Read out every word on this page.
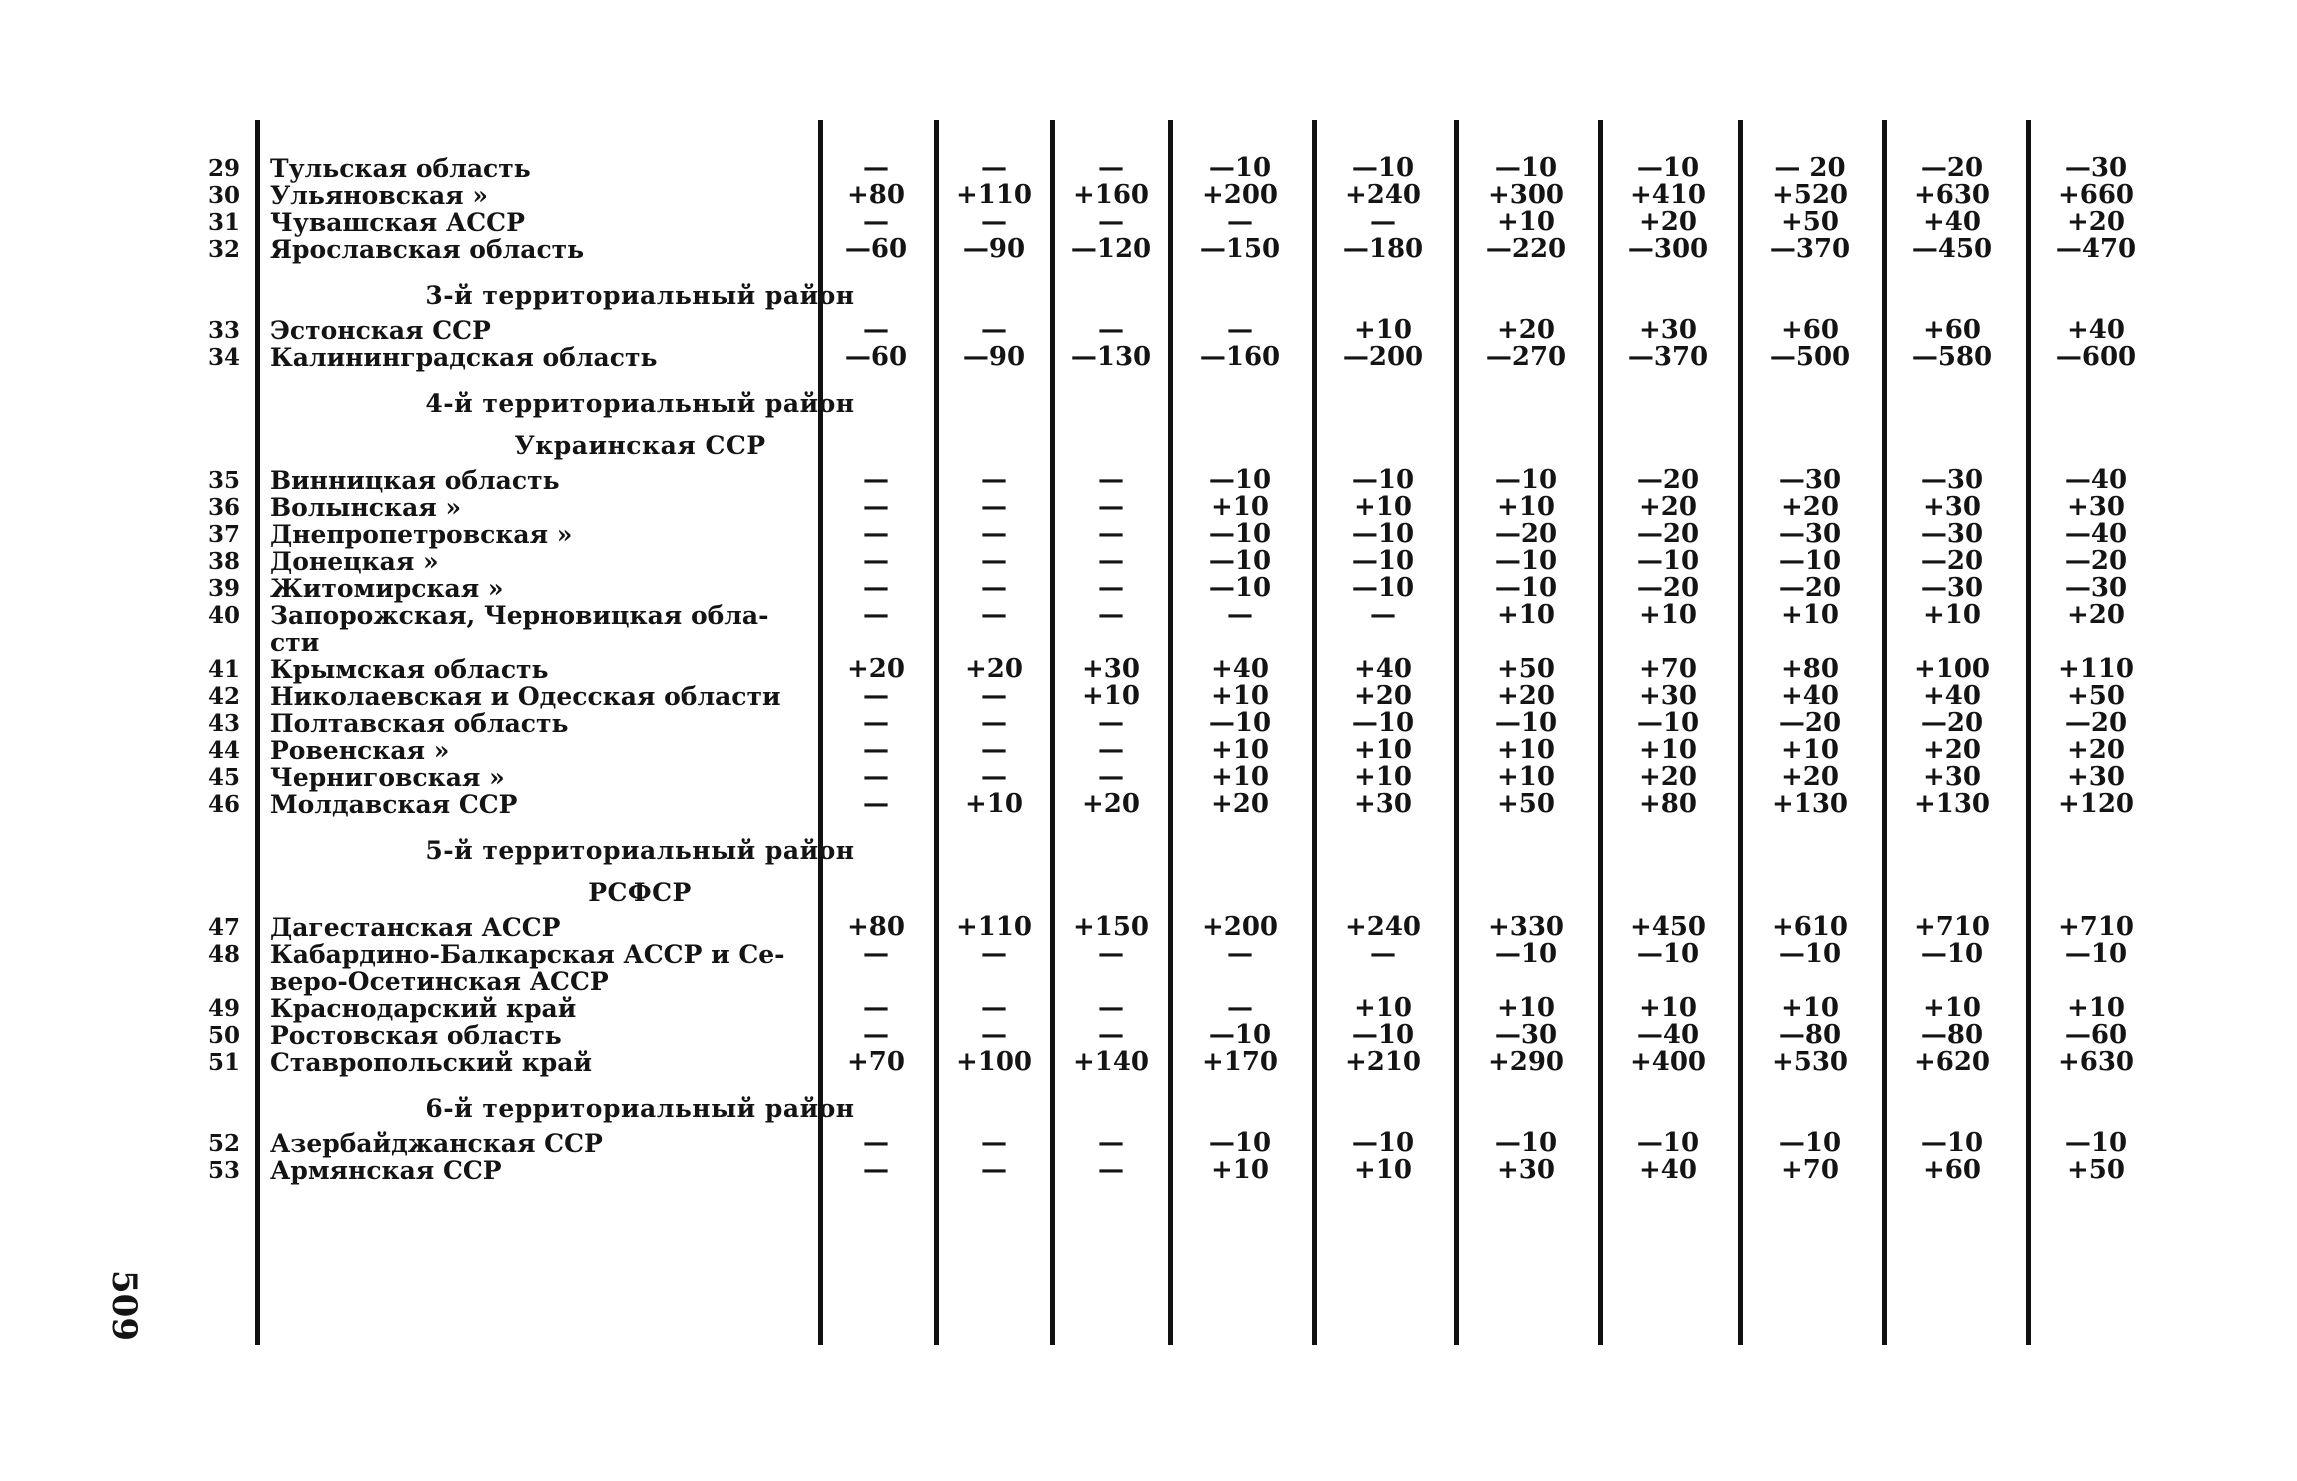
29 Тульская область	—	—	—	—10	—10	—10	—10	— 20	—20	—30
30 Ульяновская »	+80	+110	+160	+200	+240	+300	+410	+520	+630	+660
31 Чувашская АССР	—	—	—	—	—	+10	+20	+50	+40	+20
32 Ярославская область	—60	—90	—120	—150	—180	—220	—300	—370	—450	—470
3-й территориальный район
33 Эстонская ССР	—	—	—	—	+10	+20	+30	+60	+60	+40
34 Калининградская область	—60	—90	—130	—160	—200	—270	—370	—500	—580	—600
4-й территориальный район
Украинская ССР
35 Винницкая область	—	—	—	—10	—10	—10	—20	—30	—30	—40
36 Волынская »	—	—	—	+10	+10	+10	+20	+20	+30	+30
37 Днепропетровская »	—	—	—	—10	—10	—20	—20	—30	—30	—40
38 Донецкая »	—	—	—	—10	—10	—10	—10	—10	—20	—20
39 Житомирская »	—	—	—	—10	—10	—10	—20	—20	—30	—30
40 Запорожская, Черновицкая обла-	—	—	—	—	—	+10	+10	+10	+10	+20
сти
41 Крымская область	+20	+20	+30	+40	+40	+50	+70	+80	+100	+110
42 Николаевская и Одесская области	—	—	+10	+10	+20	+20	+30	+40	+40	+50
43 Полтавская область	—	—	—	—10	—10	—10	—10	—20	—20	—20
44 Ровенская »	—	—	—	+10	+10	+10	+10	+10	+20	+20
45 Черниговская »	—	—	—	+10	+10	+10	+20	+20	+30	+30
46 Молдавская ССР	—	+10	+20	+20	+30	+50	+80	+130	+130	+120
5-й территориальный район
РСФСР
47 Дагестанская АССР	+80	+110	+150	+200	+240	+330	+450	+610	+710	+710
48 Кабардино-Балкарская АССР и Се-	—	—	—	—	—	—10	—10	—10	—10	—10
веро-Осетинская АССР
49 Краснодарский край	—	—	—	—	+10	+10	+10	+10	+10	+10
50 Ростовская область	—	—	—	—10	—10	—30	—40	—80	—80	—60
51 Ставропольский край	+70	+100	+140	+170	+210	+290	+400	+530	+620	+630
6-й территориальный район
52 Азербайджанская ССР	—	—	—	—10	—10	—10	—10	—10	—10	—10
53 Армянская ССР	—	—	—	+10	+10	+30	+40	+70	+60	+50
509
